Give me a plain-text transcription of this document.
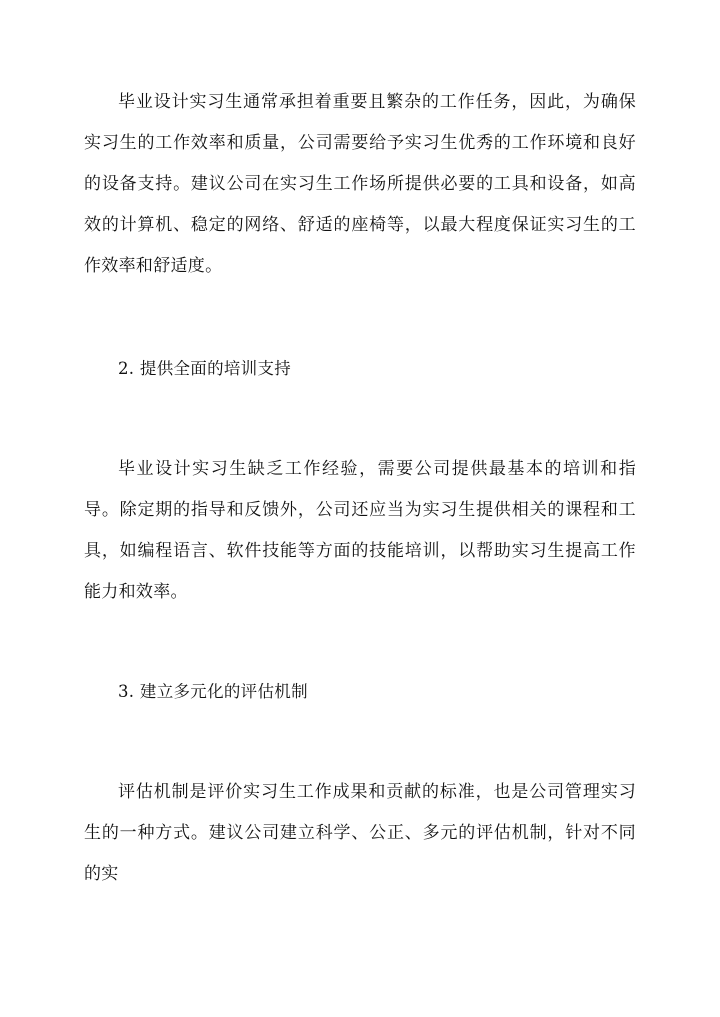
毕业设计实习生通常承担着重要且繁杂的工作任务，因此，为确保实习生的工作效率和质量，公司需要给予实习生优秀的工作环境和良好的设备支持。建议公司在实习生工作场所提供必要的工具和设备，如高效的计算机、稳定的网络、舒适的座椅等，以最大程度保证实习生的工作效率和舒适度。

2. 提供全面的培训支持

毕业设计实习生缺乏工作经验，需要公司提供最基本的培训和指导。除定期的指导和反馈外，公司还应当为实习生提供相关的课程和工具，如编程语言、软件技能等方面的技能培训，以帮助实习生提高工作能力和效率。

3. 建立多元化的评估机制

评估机制是评价实习生工作成果和贡献的标准，也是公司管理实习生的一种方式。建议公司建立科学、公正、多元的评估机制，针对不同的实
